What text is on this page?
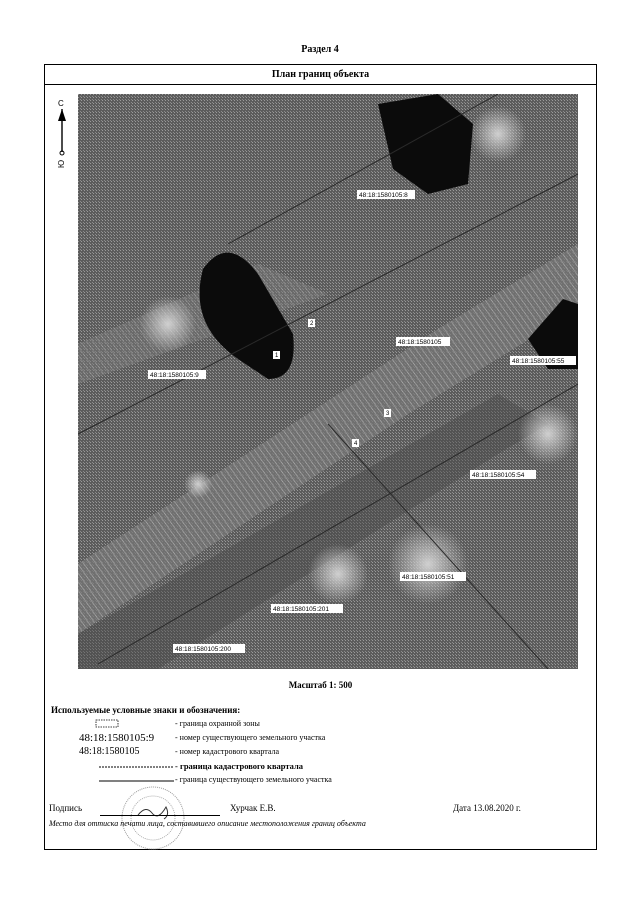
Раздел 4
План границ объекта
С
Ю
48:18:1580105:8
48:18:1580105:9
48:18:1580105
48:18:1580105:55
48:18:1580105:54
48:18:1580105:51
48:18:1580105:201
48:18:1580105:200
1
2
3
4
Масштаб 1: 500
Используемые условные знаки и обозначения:
- граница охранной зоны
48:18:1580105:9	- номер существующего земельного участка
48:18:1580105	- номер кадастрового квартала
- граница кадастрового квартала
- граница существующего земельного участка
Подпись	Хурчак Е.В.	Дата 13.08.2020 г.
Место для оттиска печати лица, составившего описание местоположения границ объекта
